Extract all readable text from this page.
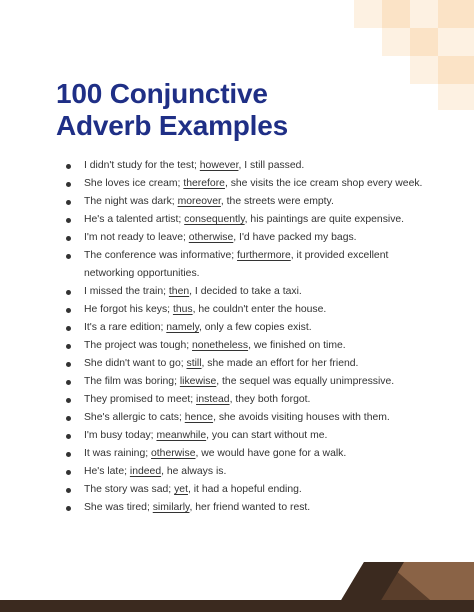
100 Conjunctive
Adverb Examples
I didn't study for the test; however, I still passed.
She loves ice cream; therefore, she visits the ice cream shop every week.
The night was dark; moreover, the streets were empty.
He's a talented artist; consequently, his paintings are quite expensive.
I'm not ready to leave; otherwise, I'd have packed my bags.
The conference was informative; furthermore, it provided excellent networking opportunities.
I missed the train; then, I decided to take a taxi.
He forgot his keys; thus, he couldn't enter the house.
It's a rare edition; namely, only a few copies exist.
The project was tough; nonetheless, we finished on time.
She didn't want to go; still, she made an effort for her friend.
The film was boring; likewise, the sequel was equally unimpressive.
They promised to meet; instead, they both forgot.
She's allergic to cats; hence, she avoids visiting houses with them.
I'm busy today; meanwhile, you can start without me.
It was raining; otherwise, we would have gone for a walk.
He's late; indeed, he always is.
The story was sad; yet, it had a hopeful ending.
She was tired; similarly, her friend wanted to rest.
